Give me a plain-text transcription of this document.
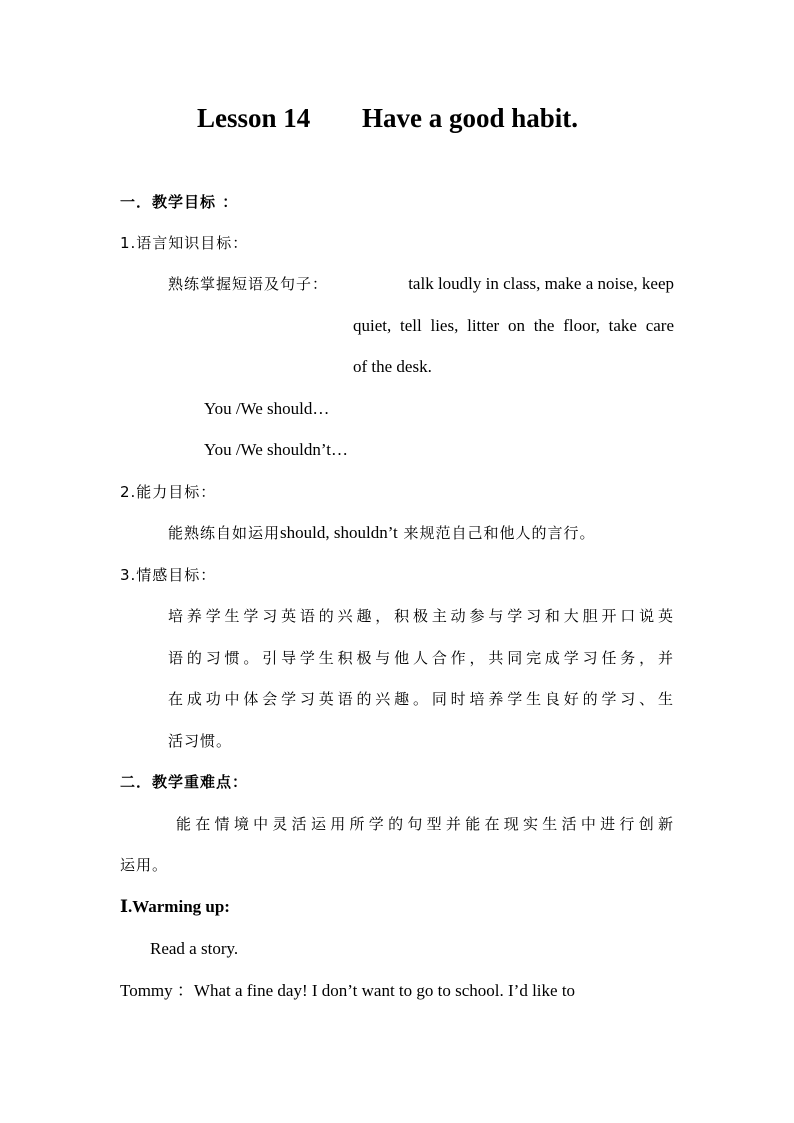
Lesson 14 Have a good habit.
一．教学目标 ：
1.语言知识目标：
熟练掌握短语及句子：	talk loudly in class, make a noise, keep
quiet, tell lies, litter on the floor, take care
of the desk.
You /We should…
You /We shouldn’t…
2.能力目标：
能熟练自如运用should, shouldn’t 来规范自己和他人的言行。
3.情感目标：
培养学生学习英语的兴趣，积极主动参与学习和大胆开口说英
语的习惯。引导学生积极与他人合作，共同完成学习任务，并
在成功中体会学习英语的兴趣。同时培养学生良好的学习、生
活习惯。
二．教学重难点：
能在情境中灵活运用所学的句型并能在现实生活中进行创新
运用。
Ⅰ.Warming up:
Read a story.
Tommy ：What a fine day! I don’t want to go to school. I’d like to
